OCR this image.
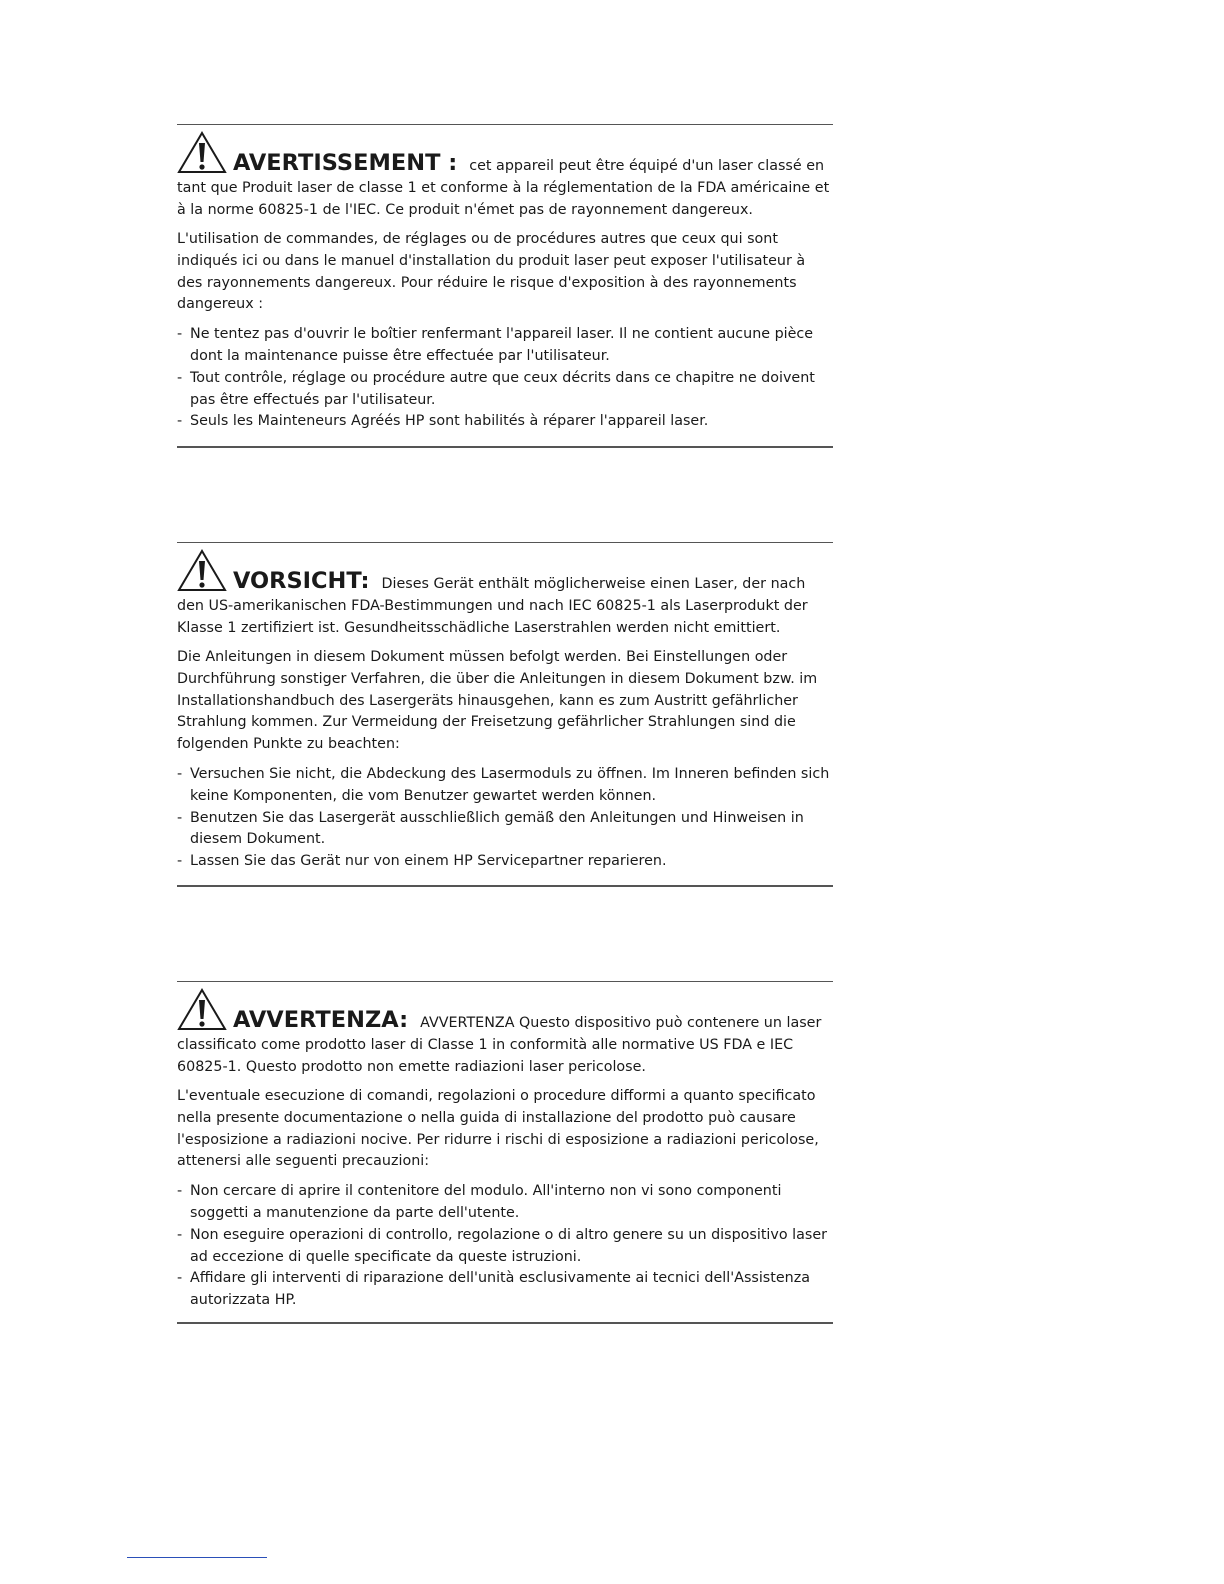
AVERTISSEMENT : cet appareil peut être équipé d'un laser classé en tant que Produit laser de classe 1 et conforme à la réglementation de la FDA américaine et à la norme 60825-1 de l'IEC. Ce produit n'émet pas de rayonnement dangereux.

L'utilisation de commandes, de réglages ou de procédures autres que ceux qui sont indiqués ici ou dans le manuel d'installation du produit laser peut exposer l'utilisateur à des rayonnements dangereux. Pour réduire le risque d'exposition à des rayonnements dangereux :

- Ne tentez pas d'ouvrir le boîtier renfermant l'appareil laser. Il ne contient aucune pièce dont la maintenance puisse être effectuée par l'utilisateur.
- Tout contrôle, réglage ou procédure autre que ceux décrits dans ce chapitre ne doivent pas être effectués par l'utilisateur.
- Seuls les Mainteneurs Agréés HP sont habilités à réparer l'appareil laser.

VORSICHT: Dieses Gerät enthält möglicherweise einen Laser, der nach den US-amerikanischen FDA-Bestimmungen und nach IEC 60825-1 als Laserprodukt der Klasse 1 zertifiziert ist. Gesundheitsschädliche Laserstrahlen werden nicht emittiert.

Die Anleitungen in diesem Dokument müssen befolgt werden. Bei Einstellungen oder Durchführung sonstiger Verfahren, die über die Anleitungen in diesem Dokument bzw. im Installationshandbuch des Lasergeräts hinausgehen, kann es zum Austritt gefährlicher Strahlung kommen. Zur Vermeidung der Freisetzung gefährlicher Strahlungen sind die folgenden Punkte zu beachten:

- Versuchen Sie nicht, die Abdeckung des Lasermoduls zu öffnen. Im Inneren befinden sich keine Komponenten, die vom Benutzer gewartet werden können.
- Benutzen Sie das Lasergerät ausschließlich gemäß den Anleitungen und Hinweisen in diesem Dokument.
- Lassen Sie das Gerät nur von einem HP Servicepartner reparieren.

AVVERTENZA: AVVERTENZA Questo dispositivo può contenere un laser classificato come prodotto laser di Classe 1 in conformità alle normative US FDA e IEC 60825-1. Questo prodotto non emette radiazioni laser pericolose.

L'eventuale esecuzione di comandi, regolazioni o procedure difformi a quanto specificato nella presente documentazione o nella guida di installazione del prodotto può causare l'esposizione a radiazioni nocive. Per ridurre i rischi di esposizione a radiazioni pericolose, attenersi alle seguenti precauzioni:

- Non cercare di aprire il contenitore del modulo. All'interno non vi sono componenti soggetti a manutenzione da parte dell'utente.
- Non eseguire operazioni di controllo, regolazione o di altro genere su un dispositivo laser ad eccezione di quelle specificate da queste istruzioni.
- Affidare gli interventi di riparazione dell'unità esclusivamente ai tecnici dell'Assistenza autorizzata HP.
